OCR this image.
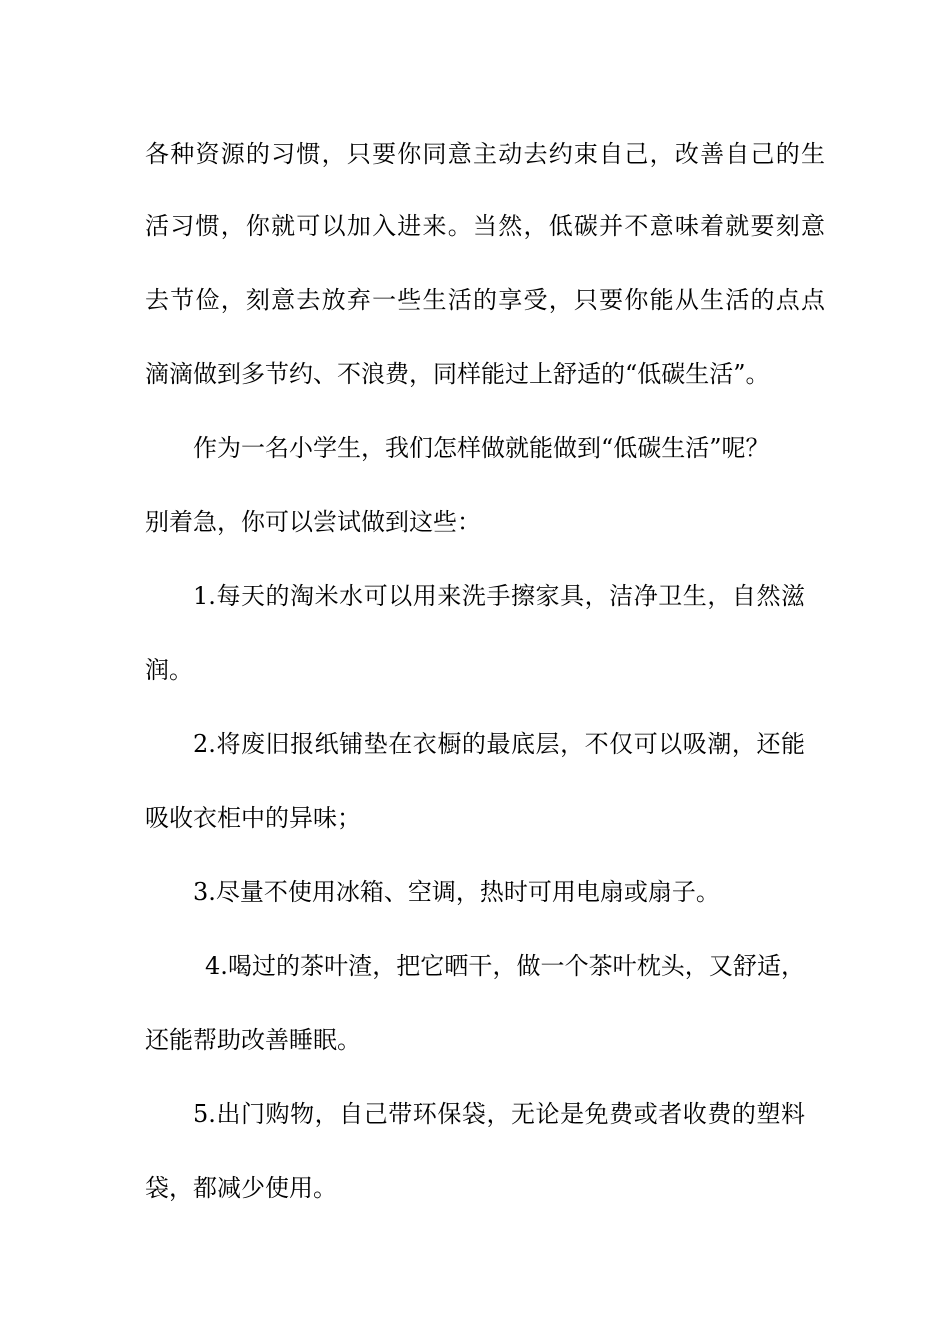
各种资源的习惯，只要你同意主动去约束自己，改善自己的生
活习惯，你就可以加入进来。当然，低碳并不意味着就要刻意
去节俭，刻意去放弃一些生活的享受，只要你能从生活的点点
滴滴做到多节约、不浪费，同样能过上舒适的“低碳生活”。
作为一名小学生，我们怎样做就能做到“低碳生活”呢？
别着急，你可以尝试做到这些：
1.每天的淘米水可以用来洗手擦家具，洁净卫生，自然滋
润。
2.将废旧报纸铺垫在衣橱的最底层，不仅可以吸潮，还能
吸收衣柜中的异味；
3.尽量不使用冰箱、空调，热时可用电扇或扇子。
4.喝过的茶叶渣，把它晒干，做一个茶叶枕头，又舒适，
还能帮助改善睡眠。
5.出门购物，自己带环保袋，无论是免费或者收费的塑料
袋，都减少使用。
